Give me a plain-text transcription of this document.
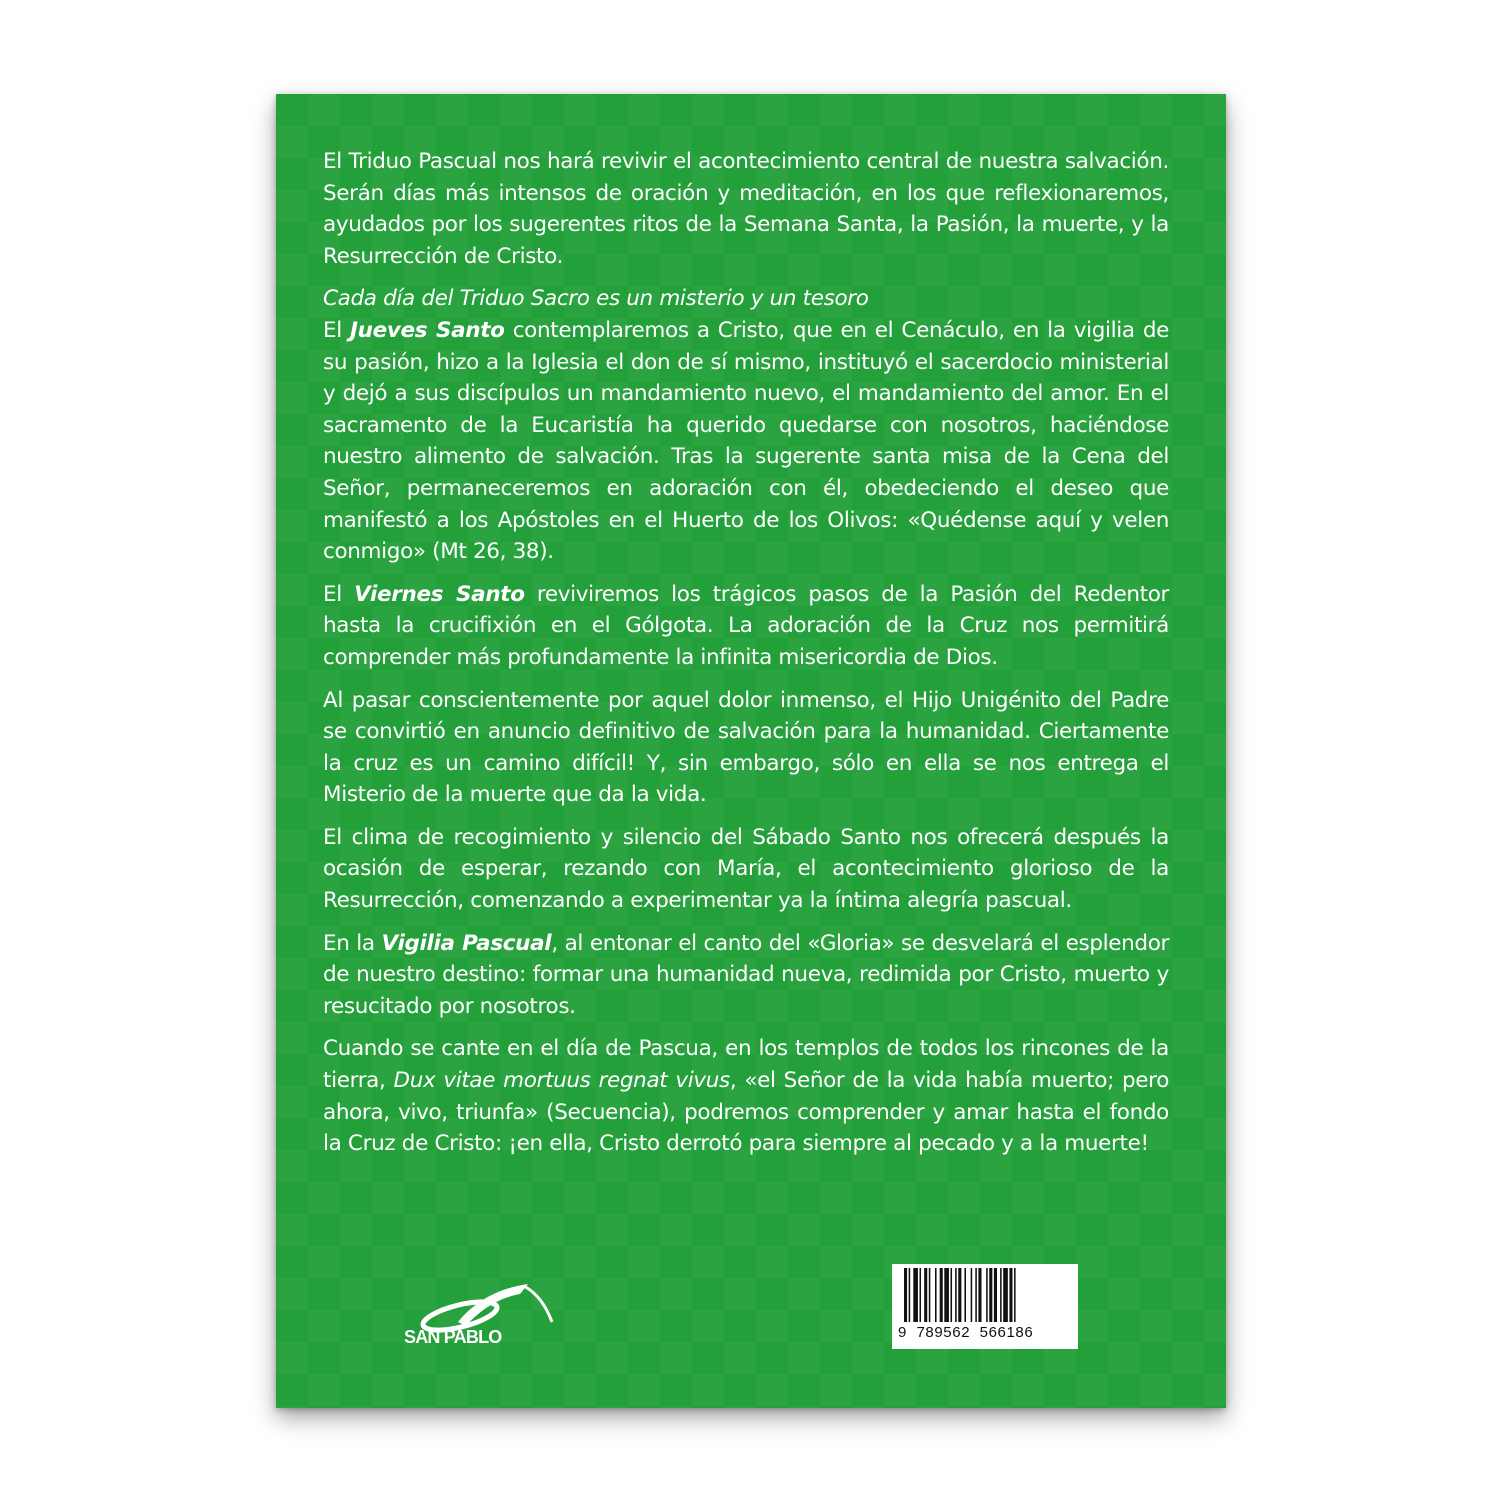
El Triduo Pascual nos hará revivir el acontecimiento central de nuestra salvación. Serán días más intensos de oración y meditación, en los que reflexionaremos, ayudados por los sugerentes ritos de la Semana Santa, la Pasión, la muerte, y la Resurrección de Cristo.

Cada día del Triduo Sacro es un misterio y un tesoro

El Jueves Santo contemplaremos a Cristo, que en el Cenáculo, en la vigilia de su pasión, hizo a la Iglesia el don de sí mismo, instituyó el sacerdocio ministerial y dejó a sus discípulos un mandamiento nuevo, el mandamiento del amor. En el sacramento de la Eucaristía ha querido quedarse con nosotros, haciéndose nuestro alimento de salvación. Tras la sugerente santa misa de la Cena del Señor, permaneceremos en adoración con él, obedeciendo el deseo que manifestó a los Apóstoles en el Huerto de los Olivos: «Quédense aquí y velen conmigo» (Mt 26, 38).

El Viernes Santo reviviremos los trágicos pasos de la Pasión del Redentor hasta la crucifixión en el Gólgota. La adoración de la Cruz nos permitirá comprender más profundamente la infinita misericordia de Dios.

Al pasar conscientemente por aquel dolor inmenso, el Hijo Unigénito del Padre se convirtió en anuncio definitivo de salvación para la humanidad. Ciertamente la cruz es un camino difícil! Y, sin embargo, sólo en ella se nos entrega el Misterio de la muerte que da la vida.

El clima de recogimiento y silencio del Sábado Santo nos ofrecerá después la ocasión de esperar, rezando con María, el acontecimiento glorioso de la Resurrección, comenzando a experimentar ya la íntima alegría pascual.

En la Vigilia Pascual, al entonar el canto del «Gloria» se desvelará el esplendor de nuestro destino: formar una humanidad nueva, redimida por Cristo, muerto y resucitado por nosotros.

Cuando se cante en el día de Pascua, en los templos de todos los rincones de la tierra, Dux vitae mortuus regnat vivus, «el Señor de la vida había muerto; pero ahora, vivo, triunfa» (Secuencia), podremos comprender y amar hasta el fondo la Cruz de Cristo: ¡en ella, Cristo derrotó para siempre al pecado y a la muerte!

SAN PABLO	9  789562  566186
